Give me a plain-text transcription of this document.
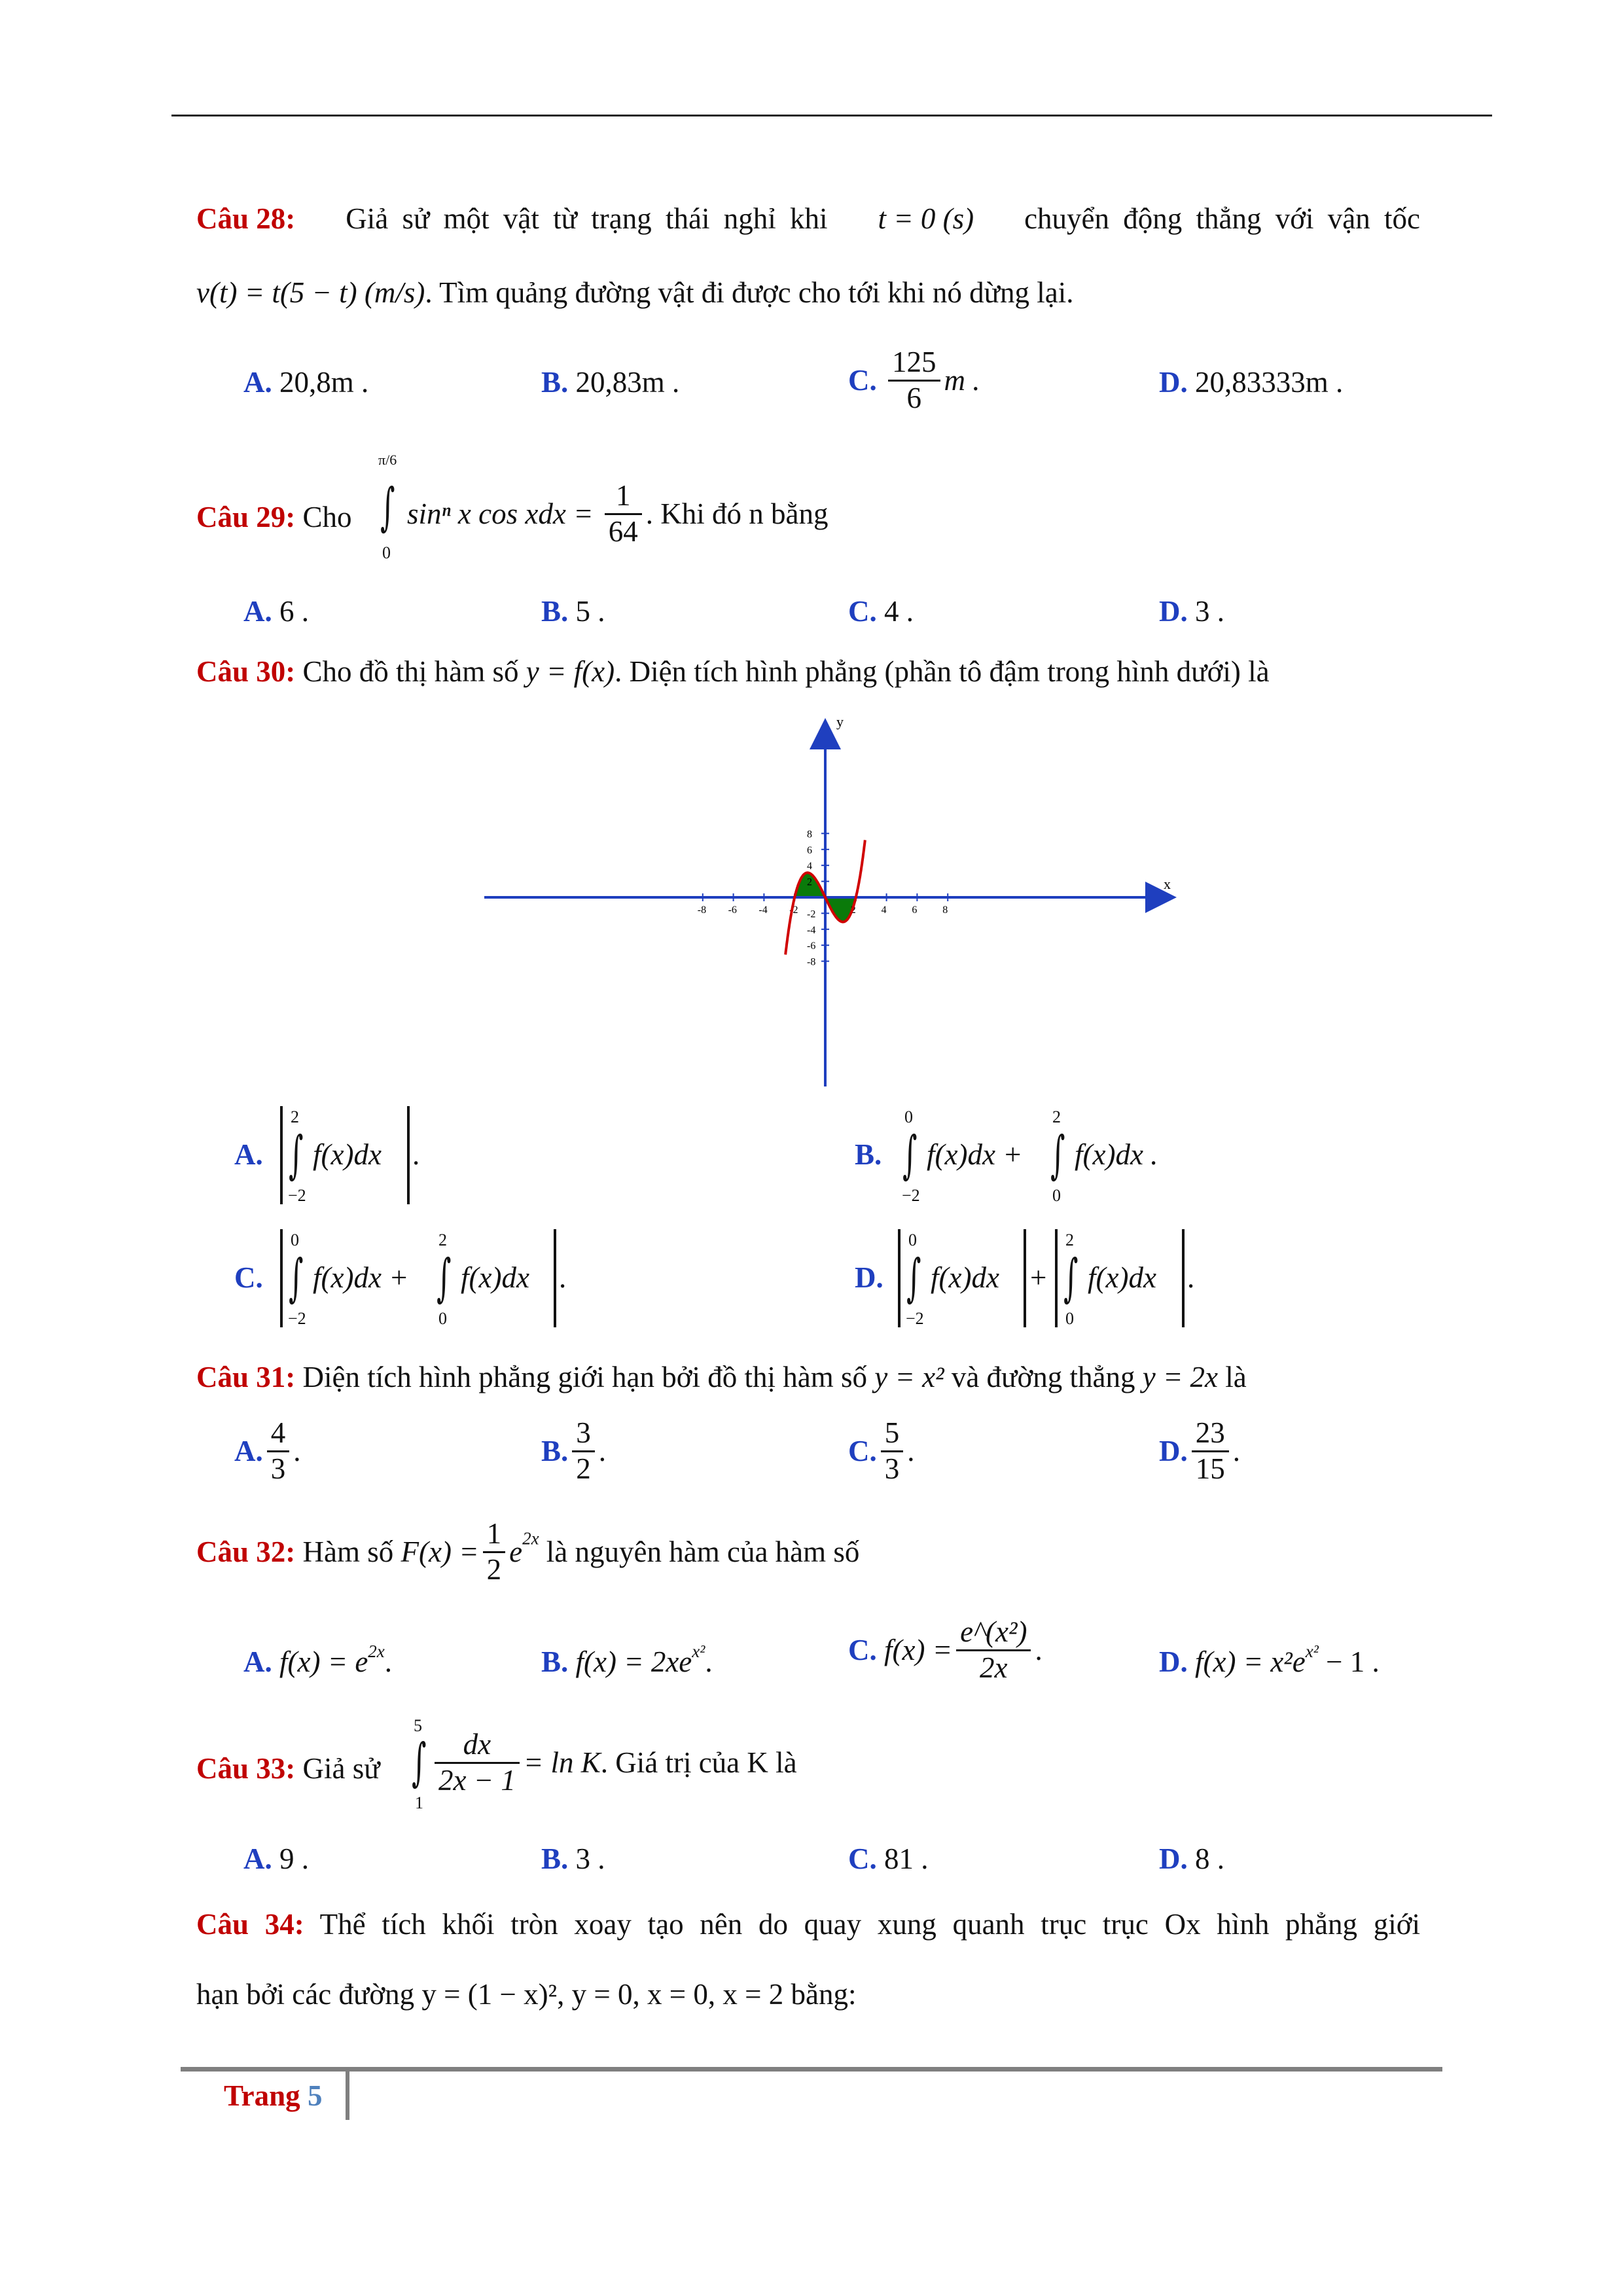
Câu 28: Giả sử một vật từ trạng thái nghỉ khi t = 0 (s) chuyển động thẳng với vận tốc
v(t) = t(5 − t) (m/s). Tìm quảng đường vật đi được cho tới khi nó dừng lại.
A. 20,8m .	B. 20,83m .	C. $\frac{125}{6}$ m .	D. 20,83333m .
Câu 29: Cho
π/6
∫
0
sinⁿ x cos xdx = $\frac{1}{64}$ . Khi đó n bằng
A. 6 .	B. 5 .	C. 4 .	D. 3 .
Câu 30: Cho đồ thị hàm số y = f(x). Diện tích hình phẳng (phần tô đậm trong hình dưới) là
x
y
-8 -6 -4 -2	2 4 6 8
8
6
4
2
-2
-4
-6
-8
A.
2
∫
−2
f(x)dx .	B.
0
∫
−2
f(x)dx +
2
∫
0
f(x)dx .
C.
0
∫
−2
f(x)dx +
2
∫
0
f(x)dx .	D.
0
∫
−2
f(x)dx +
2
∫
0
f(x)dx .
Câu 31: Diện tích hình phẳng giới hạn bởi đồ thị hàm số y = x² và đường thẳng y = 2x là
A. $\frac{4}{3}$ .	B. $\frac{3}{2}$ .	C. $\frac{5}{3}$ .	D. $\frac{23}{15}$ .
Câu 32: Hàm số $F(x) = \frac{1}{2} e^{2x}$ là nguyên hàm của hàm số
A. $f(x) = e^{2x}$.	B. $f(x) = 2xe^{x^2}$.	C. $f(x) = \frac{\text{e\textasciicircum{}(x²)}}{2x}$ .	D. $f(x) = x^2e^{x^2} - 1$ .
Câu 33: Giả sử
5
∫
1
$\frac{dx}{2x - 1} = \ln K$. Giá trị của K là
A. 9 .	B. 3 .	C. 81 .	D. 8 .
Câu 34: Thể tích khối tròn xoay tạo nên do quay xung quanh trục trục Ox hình phẳng giới
hạn bởi các đường y = (1 − x)², y = 0, x = 0, x = 2 bằng:
Trang 5
